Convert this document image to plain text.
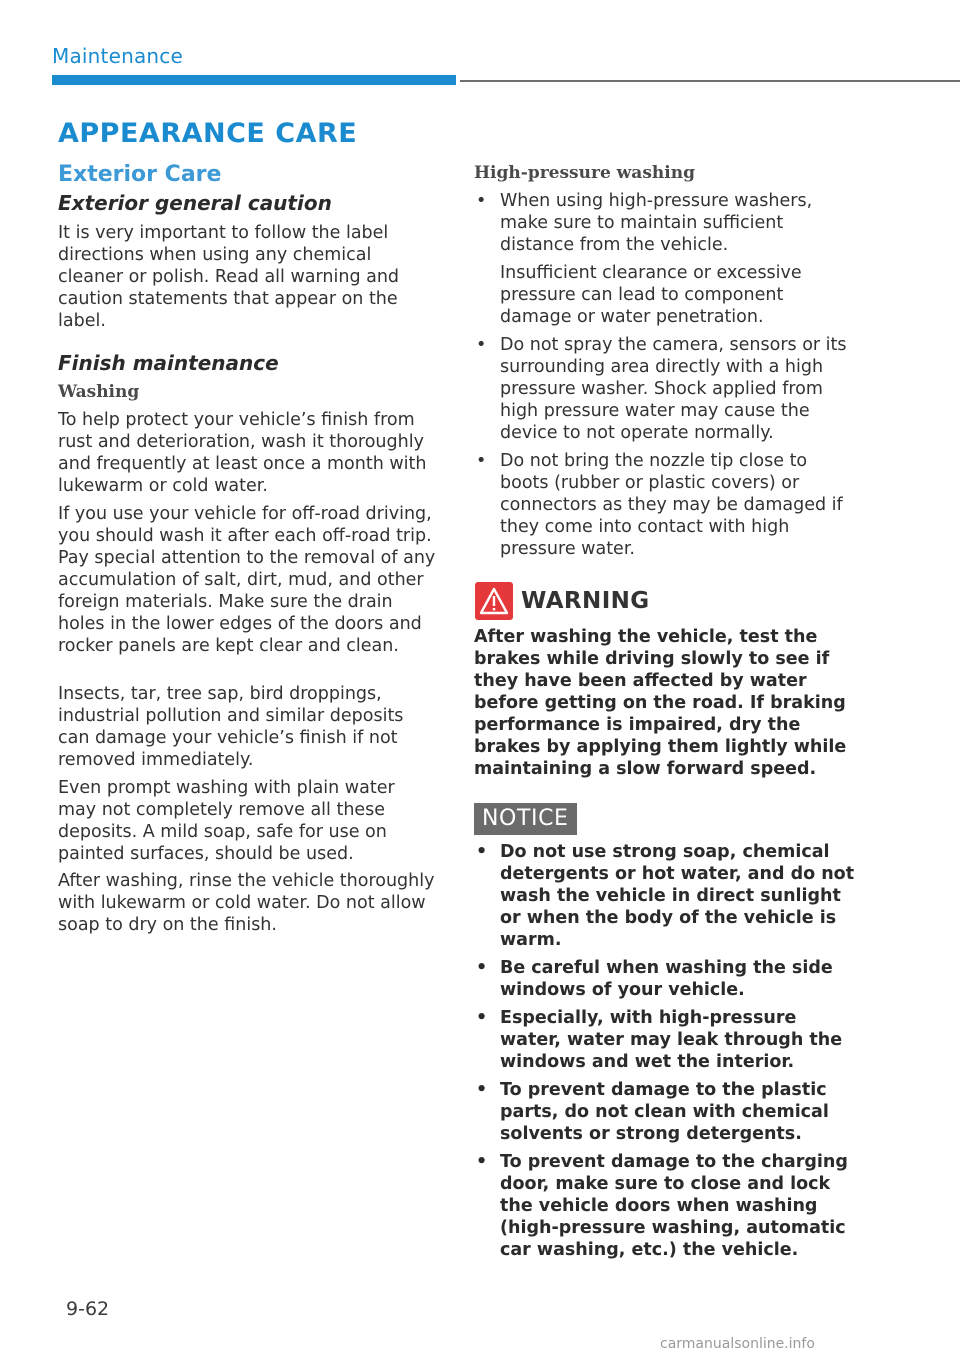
Maintenance
APPEARANCE CARE
Exterior Care
Exterior general caution

It is very important to follow the label directions when using any chemical cleaner or polish. Read all warning and caution statements that appear on the label.

Finish maintenance
Washing

To help protect your vehicle’s finish from rust and deterioration, wash it thoroughly and frequently at least once a month with lukewarm or cold water.

If you use your vehicle for off-road driving, you should wash it after each off-road trip. Pay special attention to the removal of any accumulation of salt, dirt, mud, and other foreign materials. Make sure the drain holes in the lower edges of the doors and rocker panels are kept clear and clean.

Insects, tar, tree sap, bird droppings, industrial pollution and similar deposits can damage your vehicle’s finish if not removed immediately.

Even prompt washing with plain water may not completely remove all these deposits. A mild soap, safe for use on painted surfaces, should be used.

After washing, rinse the vehicle thoroughly with lukewarm or cold water. Do not allow soap to dry on the finish.

High-pressure washing
• When using high-pressure washers, make sure to maintain sufficient distance from the vehicle.
Insufficient clearance or excessive pressure can lead to component damage or water penetration.
• Do not spray the camera, sensors or its surrounding area directly with a high pressure washer. Shock applied from high pressure water may cause the device to not operate normally.
• Do not bring the nozzle tip close to boots (rubber or plastic covers) or connectors as they may be damaged if they come into contact with high pressure water.
WARNING

After washing the vehicle, test the brakes while driving slowly to see if they have been affected by water before getting on the road. If braking performance is impaired, dry the brakes by applying them lightly while maintaining a slow forward speed.

NOTICE
• Do not use strong soap, chemical detergents or hot water, and do not wash the vehicle in direct sunlight or when the body of the vehicle is warm.
• Be careful when washing the side windows of your vehicle.
• Especially, with high-pressure water, water may leak through the windows and wet the interior.
• To prevent damage to the plastic parts, do not clean with chemical solvents or strong detergents.
• To prevent damage to the charging door, make sure to close and lock the vehicle doors when washing (high-pressure washing, automatic car washing, etc.) the vehicle.
9-62
carmanualsonline.info
